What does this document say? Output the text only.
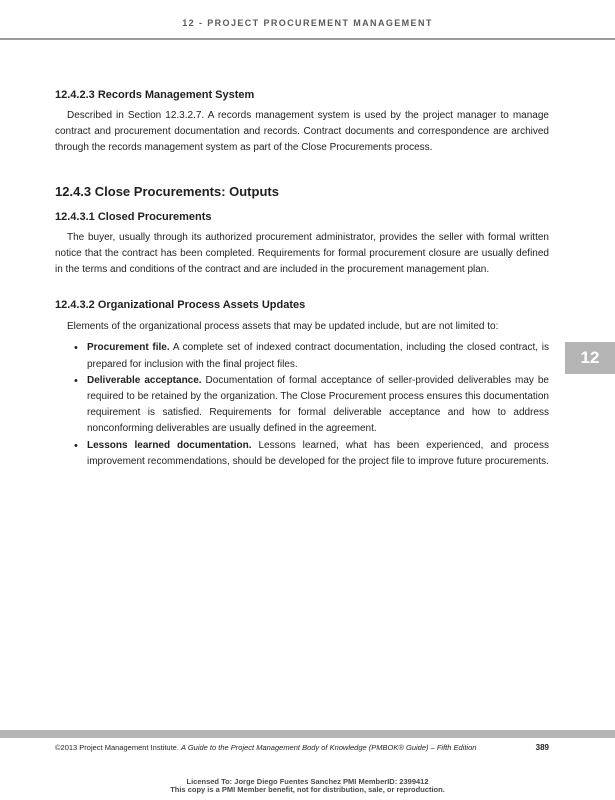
12 - PROJECT PROCUREMENT MANAGEMENT
12.4.2.3 Records Management System

Described in Section 12.3.2.7. A records management system is used by the project manager to manage contract and procurement documentation and records. Contract documents and correspondence are archived through the records management system as part of the Close Procurements process.

12.4.3 Close Procurements: Outputs
12.4.3.1 Closed Procurements

The buyer, usually through its authorized procurement administrator, provides the seller with formal written notice that the contract has been completed. Requirements for formal procurement closure are usually defined in the terms and conditions of the contract and are included in the procurement management plan.

12.4.3.2 Organizational Process Assets Updates

Elements of the organizational process assets that may be updated include, but are not limited to:

• Procurement file. A complete set of indexed contract documentation, including the closed contract, is prepared for inclusion with the final project files.
• Deliverable acceptance. Documentation of formal acceptance of seller-provided deliverables may be required to be retained by the organization. The Close Procurement process ensures this documentation requirement is satisfied. Requirements for formal deliverable acceptance and how to address nonconforming deliverables are usually defined in the agreement.
• Lessons learned documentation. Lessons learned, what has been experienced, and process improvement recommendations, should be developed for the project file to improve future procurements.
12
©2013 Project Management Institute. A Guide to the Project Management Body of Knowledge (PMBOK® Guide) – Fifth Edition	389
Licensed To: Jorge Diego Fuentes Sanchez PMI MemberID: 2399412
This copy is a PMI Member benefit, not for distribution, sale, or reproduction.
